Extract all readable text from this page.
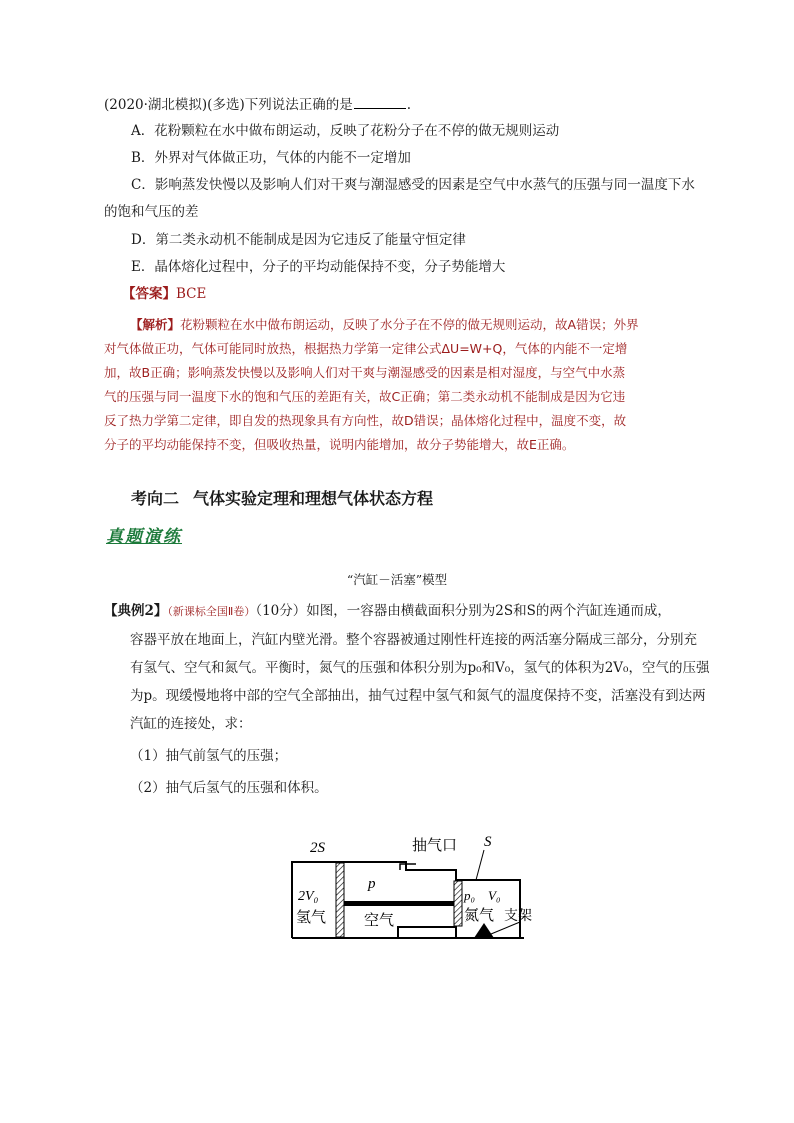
(2020·湖北模拟)(多选)下列说法正确的是	.
A．花粉颗粒在水中做布朗运动，反映了花粉分子在不停的做无规则运动
B．外界对气体做正功，气体的内能不一定增加
C．影响蒸发快慢以及影响人们对干爽与潮湿感受的因素是空气中水蒸气的压强与同一温度下水
的饱和气压的差
D．第二类永动机不能制成是因为它违反了能量守恒定律
E．晶体熔化过程中，分子的平均动能保持不变，分子势能增大
【答案】BCE
【解析】花粉颗粒在水中做布朗运动，反映了水分子在不停的做无规则运动，故A错误；外界
对气体做正功，气体可能同时放热，根据热力学第一定律公式ΔU=W+Q，气体的内能不一定增
加，故B正确；影响蒸发快慢以及影响人们对干爽与潮湿感受的因素是相对湿度，与空气中水蒸
气的压强与同一温度下水的饱和气压的差距有关，故C正确；第二类永动机不能制成是因为它违
反了热力学第二定律，即自发的热现象具有方向性，故D错误；晶体熔化过程中，温度不变，故
分子的平均动能保持不变，但吸收热量，说明内能增加，故分子势能增大，故E正确。
考向二 气体实验定理和理想气体状态方程
真题演练
“汽缸－活塞”模型
【典例2】（新课标全国Ⅱ卷）（10分）如图，一容器由横截面积分别为2S和S的两个汽缸连通而成，
容器平放在地面上，汽缸内壁光滑。整个容器被通过刚性杆连接的两活塞分隔成三部分，分别充
有氢气、空气和氮气。平衡时，氮气的压强和体积分别为p₀和V₀，氢气的体积为2V₀，空气的压强
为p。现缓慢地将中部的空气全部抽出，抽气过程中氢气和氮气的温度保持不变，活塞没有到达两
汽缸的连接处，求：
（1）抽气前氢气的压强；
（2）抽气后氢气的压强和体积。
2S	抽气口 S
p
2V₀
氢气	空气
p₀ V₀
氮气 支架
